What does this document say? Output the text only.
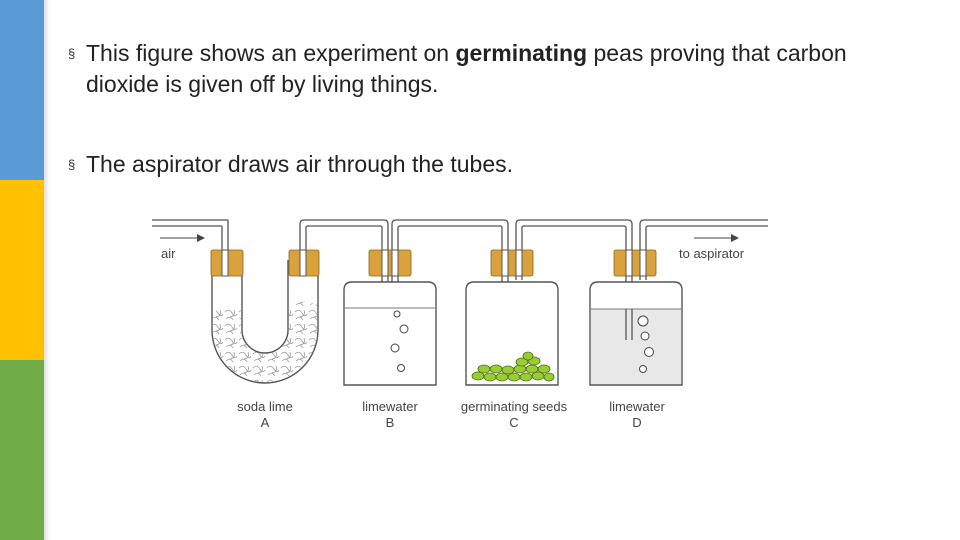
§ This figure shows an experiment on germinating peas proving that carbon dioxide is given off by living things.
§ The aspirator draws air through the tubes.
air	to aspirator
soda lime
A
limewater
B
germinating seeds
C
limewater
D
